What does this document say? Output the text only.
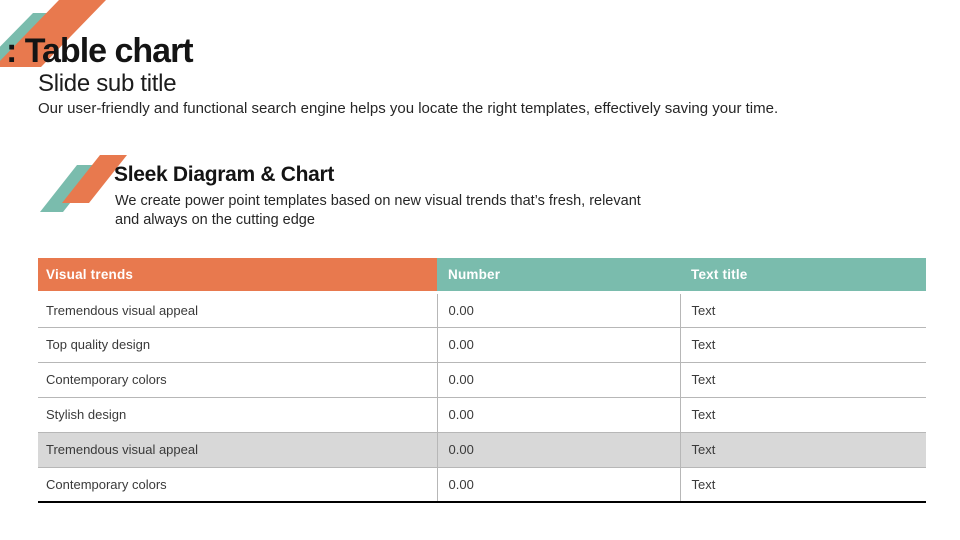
: Table chart
Slide sub title
Our user-friendly and functional search engine helps you locate the right templates, effectively saving your time.
Sleek Diagram & Chart
We create power point templates based on new visual trends that’s fresh, relevant
and always on the cutting edge
Visual trends	Number	Text title
Tremendous visual appeal	0.00	Text
Top quality design	0.00	Text
Contemporary colors	0.00	Text
Stylish design	0.00	Text
Tremendous visual appeal	0.00	Text
Contemporary colors	0.00	Text
